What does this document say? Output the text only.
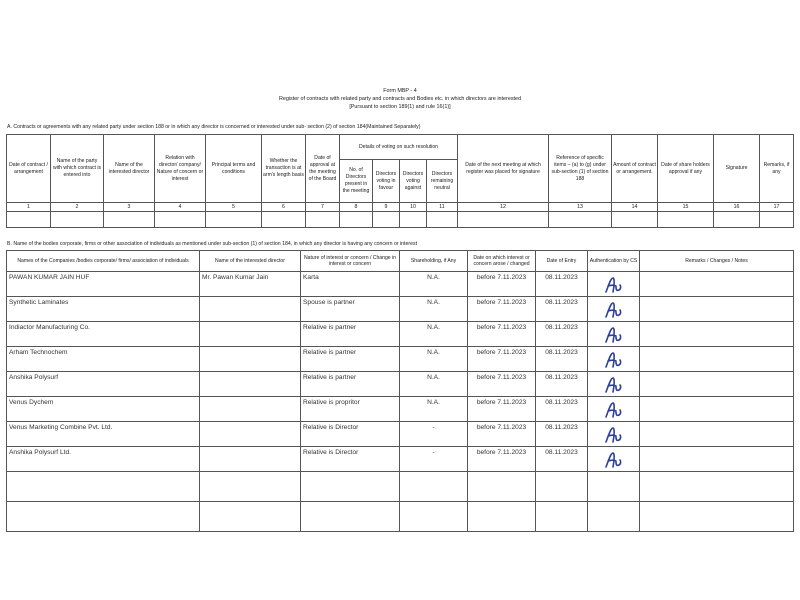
Form MBP - 4
Register of contracts with related party and contracts and Bodies etc. in which directors are interested
[Pursuant to section 189(1) and rule 16(1)]
A. Contracts or agreements with any related party under section 188 or in which any director is concerned or interested under sub- section (2) of section 184(Maintained Separately)
Date of contract / arrangement	Name of the party with which contract is entered into	Name of the interested director	Relation with director/ company/ Nature of concern or interest	Principal terms and conditions	Whether the transaction is at arm's length basis	Date of approval at the meeting of the Board	Details of voting on such resolution				Date of the next meeting at which register was placed for signature	Reference of specific items – (a) to (g) under sub-section (1) of section 188	Amount of contract or arrangement.	Date of share holders approval if any	Signature	Remarks, if any
							No. of Directors present in the meeting	Directors voting in favour	Directors voting against	Directors remaining neutral						
1	2	3	4	5	6	7	8	9	10	11	12	13	14	15	16	17

B. Name of the bodies corporate, firms or other association of individuals as mentioned under sub-section (1) of section 184, in which any director is having any concern or interest
Names of the Companies /bodies corporate/ firms/ association of individuals	Name of the interested director	Nature of interest or concern / Change in interest or concern	Shareholding, if Any	Date on which interest or concern arose / changed	Date of Entry	Authentication by CS	Remarks / Changes / Notes
PAWAN KUMAR JAIN HUF	Mr. Pawan Kumar Jain	Karta	N.A.	before 7.11.2023	08.11.2023		
Synthetic Laminates		Spouse is partner	N.A.	before 7.11.2023	08.11.2023		
Indiactor Manufacturing Co.		Relative is partner	N.A.	before 7.11.2023	08.11.2023		
Arham Technochem		Relative is partner	N.A.	before 7.11.2023	08.11.2023		
Anshika Polysurf		Relative is partner	N.A.	before 7.11.2023	08.11.2023		
Venus Dychem		Relative is propritor	N.A.	before 7.11.2023	08.11.2023		
Venus Marketing Combine Pvt. Ltd.		Relative is Director	-	before 7.11.2023	08.11.2023		
Anshika Polysurf Ltd.		Relative is Director	-	before 7.11.2023	08.11.2023		
